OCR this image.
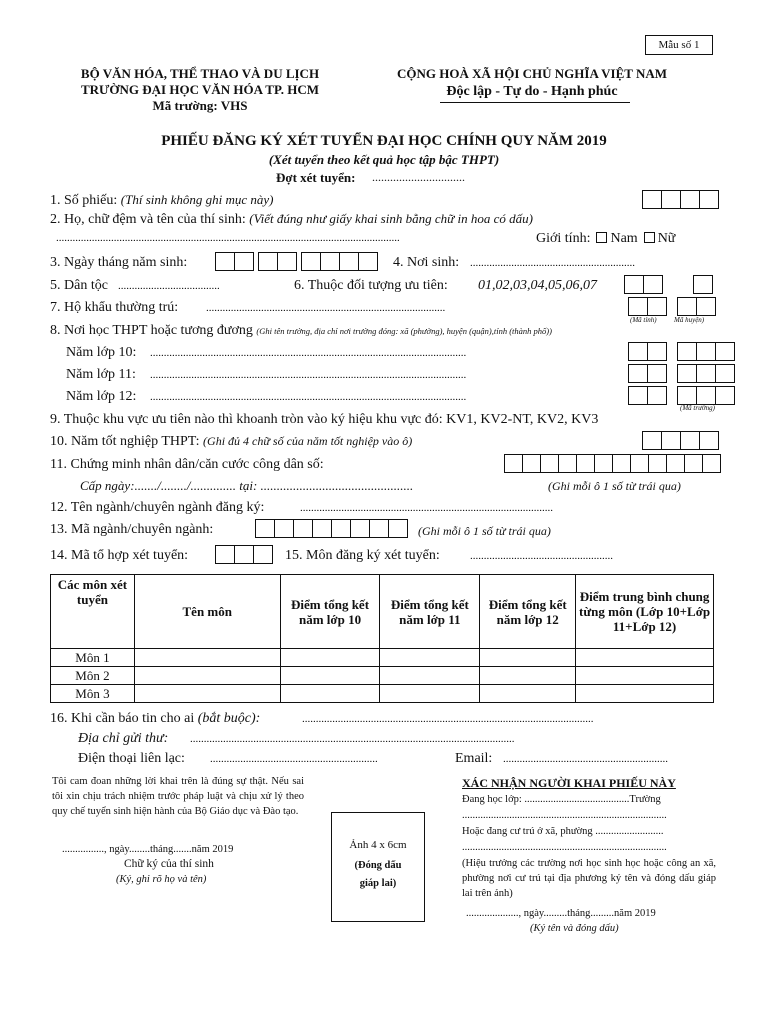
Mẫu số 1
BỘ VĂN HÓA, THỂ THAO VÀ DU LỊCH
TRƯỜNG ĐẠI HỌC VĂN HÓA TP. HCM
Mã trường: VHS
CỘNG HOÀ XÃ HỘI CHỦ NGHĨA VIỆT NAM
Độc lập - Tự do - Hạnh phúc
PHIẾU ĐĂNG KÝ XÉT TUYỂN ĐẠI HỌC CHÍNH QUY NĂM 2019
(Xét tuyển theo kết quả học tập bậc THPT)
Đợt xét tuyển: ...............................
1. Số phiếu: (Thí sinh không ghi mục này)
2. Họ, chữ đệm và tên của thí sinh: (Viết đúng như giấy khai sinh bằng chữ in hoa có dấu)
.............................................................................................................................	Giới tính: Nam Nữ
3. Ngày tháng năm sinh:	4. Nơi sinh: ............................................................
5. Dân tộc .....................................	6. Thuộc đối tượng ưu tiên: 01,02,03,04,05,06,07
7. Hộ khẩu thường trú:	.......................................................................................
(Mã tỉnh) Mã huyện)
8. Nơi học THPT hoặc tương đương (Ghi tên trường, địa chỉ nơi trường đóng: xã (phường), huyện (quận),tỉnh (thành phố))
Năm lớp 10: ...................................................................................................................
Năm lớp 11: ...................................................................................................................
Năm lớp 12: ...................................................................................................................
(Mã trường)
9. Thuộc khu vực ưu tiên nào thì khoanh tròn vào ký hiệu khu vực đó: KV1, KV2-NT, KV2, KV3
10. Năm tốt nghiệp THPT: (Ghi đủ 4 chữ số của năm tốt nghiệp vào ô)
11. Chứng minh nhân dân/căn cước công dân số:
Cấp ngày:......./......../.............. tại: ...............................................	(Ghi mỗi ô 1 số từ trái qua)
12. Tên ngành/chuyên ngành đăng ký:	............................................................................................
13. Mã ngành/chuyên ngành:	(Ghi mỗi ô 1 số từ trái qua)
14. Mã tổ hợp xét tuyển:	15. Môn đăng ký xét tuyển:	....................................................
Các môn xét tuyển	Tên môn	Điểm tổng kết năm lớp 10	Điểm tổng kết năm lớp 11	Điểm tổng kết năm lớp 12	Điểm trung bình chung từng môn (Lớp 10+Lớp 11+Lớp 12)
Môn 1					
Môn 2					
Môn 3					
16. Khi cần báo tin cho ai (bắt buộc):	..........................................................................................................
Địa chỉ gửi thư: ......................................................................................................................
Điện thoại liên lạc: .............................................................	Email: ............................................................
Tôi cam đoan những lời khai trên là đúng sự thật. Nếu sai tôi xin chịu trách nhiệm trước pháp luật và chịu xử lý theo quy chế tuyển sinh hiện hành của Bộ Giáo dục và Đào tạo.
................, ngày........tháng.......năm 2019
Chữ ký của thí sinh
(Ký, ghi rõ họ và tên)
Ảnh 4 x 6cm
(Đóng dấu giáp lai)
XÁC NHẬN NGƯỜI KHAI PHIẾU NÀY
Đang học lớp: ........................................Trường
..............................................................................
Hoặc đang cư trú ở xã, phường ..........................
..............................................................................
(Hiệu trưởng các trường nơi học sinh học hoặc công an xã, phường nơi cư trú tại địa phương ký tên và đóng dấu giáp lai trên ảnh)
...................., ngày.........tháng.........năm 2019
(Ký tên và đóng dấu)
